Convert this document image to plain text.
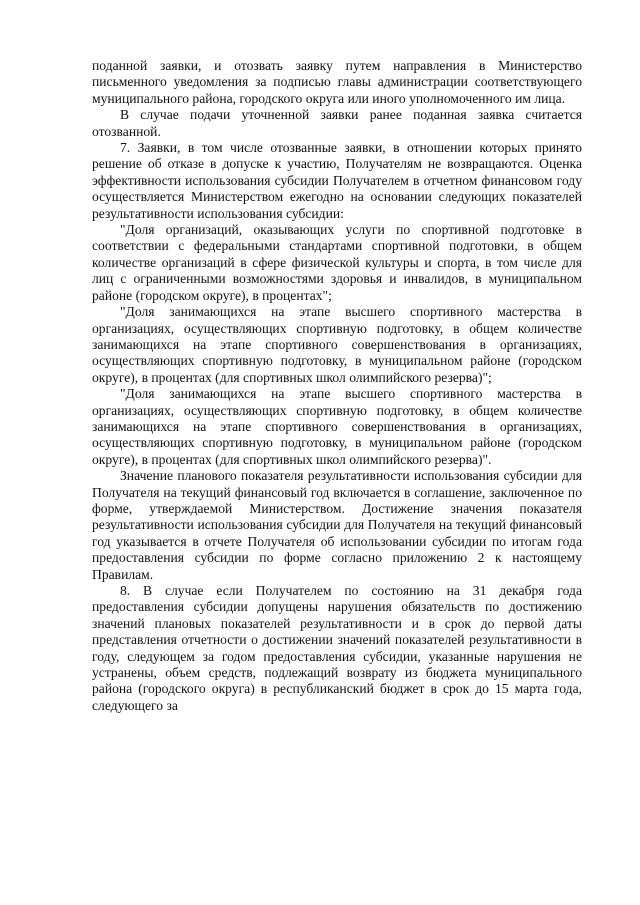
поданной заявки, и отозвать заявку путем направления в Министерство письменного уведомления за подписью главы администрации соответствующего муниципального района, городского округа или иного уполномоченного им лица.

В случае подачи уточненной заявки ранее поданная заявка считается отозванной.

7. Заявки, в том числе отозванные заявки, в отношении которых принято решение об отказе в допуске к участию, Получателям не возвращаются. Оценка эффективности использования субсидии Получателем в отчетном финансовом году осуществляется Министерством ежегодно на основании следующих показателей результативности использования субсидии:

"Доля организаций, оказывающих услуги по спортивной подготовке в соответствии с федеральными стандартами спортивной подготовки, в общем количестве организаций в сфере физической культуры и спорта, в том числе для лиц с ограниченными возможностями здоровья и инвалидов, в муниципальном районе (городском округе), в процентах";

"Доля занимающихся на этапе высшего спортивного мастерства в организациях, осуществляющих спортивную подготовку, в общем количестве занимающихся на этапе спортивного совершенствования в организациях, осуществляющих спортивную подготовку, в муниципальном районе (городском округе), в процентах (для спортивных школ олимпийского резерва)";

"Доля занимающихся на этапе высшего спортивного мастерства в организациях, осуществляющих спортивную подготовку, в общем количестве занимающихся на этапе спортивного совершенствования в организациях, осуществляющих спортивную подготовку, в муниципальном районе (городском округе), в процентах (для спортивных школ олимпийского резерва)".

Значение планового показателя результативности использования субсидии для Получателя на текущий финансовый год включается в соглашение, заключенное по форме, утверждаемой Министерством. Достижение значения показателя результативности использования субсидии для Получателя на текущий финансовый год указывается в отчете Получателя об использовании субсидии по итогам года предоставления субсидии по форме согласно приложению 2 к настоящему Правилам.

8. В случае если Получателем по состоянию на 31 декабря года предоставления субсидии допущены нарушения обязательств по достижению значений плановых показателей результативности и в срок до первой даты представления отчетности о достижении значений показателей результативности в году, следующем за годом предоставления субсидии, указанные нарушения не устранены, объем средств, подлежащий возврату из бюджета муниципального района (городского округа) в республиканский бюджет в срок до 15 марта года, следующего за
